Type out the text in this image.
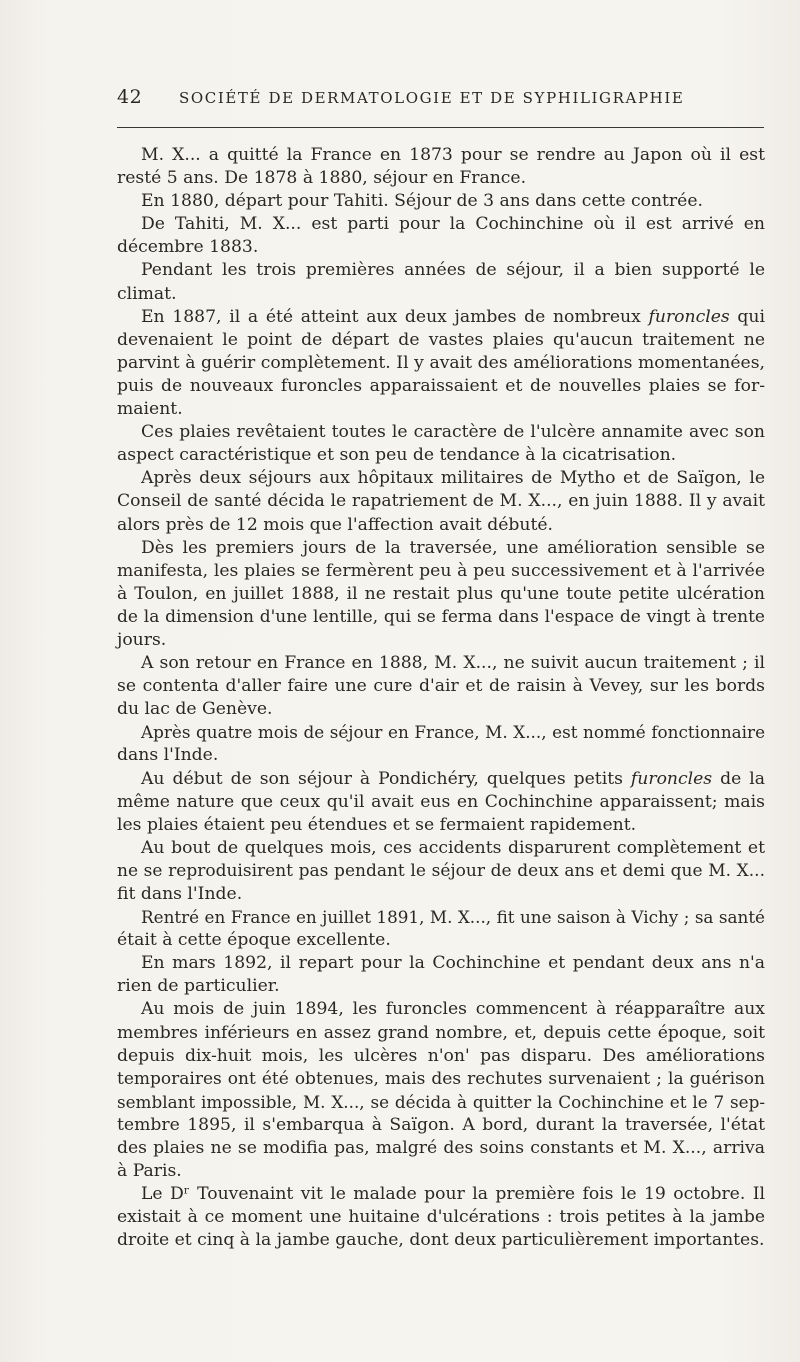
42 SOCIÉTÉ DE DERMATOLOGIE ET DE SYPHILIGRAPHIE
M. X... a quitté la France en 1873 pour se rendre au Japon où il est
resté 5 ans. De 1878 à 1880, séjour en France.
En 1880, départ pour Tahiti. Séjour de 3 ans dans cette contrée.
De Tahiti, M. X... est parti pour la Cochinchine où il est arrivé en
décembre 1883.
Pendant les trois premières années de séjour, il a bien supporté le
climat.
En 1887, il a été atteint aux deux jambes de nombreux furoncles qui
devenaient le point de départ de vastes plaies qu'aucun traitement ne
parvint à guérir complètement. Il y avait des améliorations momentanées,
puis de nouveaux furoncles apparaissaient et de nouvelles plaies se for-
maient.
Ces plaies revêtaient toutes le caractère de l'ulcère annamite avec son
aspect caractéristique et son peu de tendance à la cicatrisation.
Après deux séjours aux hôpitaux militaires de Mytho et de Saïgon, le
Conseil de santé décida le rapatriement de M. X..., en juin 1888. Il y avait
alors près de 12 mois que l'affection avait débuté.
Dès les premiers jours de la traversée, une amélioration sensible se
manifesta, les plaies se fermèrent peu à peu successivement et à l'arrivée
à Toulon, en juillet 1888, il ne restait plus qu'une toute petite ulcération
de la dimension d'une lentille, qui se ferma dans l'espace de vingt à trente
jours.
A son retour en France en 1888, M. X..., ne suivit aucun traitement ; il
se contenta d'aller faire une cure d'air et de raisin à Vevey, sur les bords
du lac de Genève.
Après quatre mois de séjour en France, M. X..., est nommé fonctionnaire
dans l'Inde.
Au début de son séjour à Pondichéry, quelques petits furoncles de la
même nature que ceux qu'il avait eus en Cochinchine apparaissent; mais
les plaies étaient peu étendues et se fermaient rapidement.
Au bout de quelques mois, ces accidents disparurent complètement et
ne se reproduisirent pas pendant le séjour de deux ans et demi que M. X...
fit dans l'Inde.
Rentré en France en juillet 1891, M. X..., fit une saison à Vichy ; sa santé
était à cette époque excellente.
En mars 1892, il repart pour la Cochinchine et pendant deux ans n'a
rien de particulier.
Au mois de juin 1894, les furoncles commencent à réapparaître aux
membres inférieurs en assez grand nombre, et, depuis cette époque, soit
depuis dix-huit mois, les ulcères n'on' pas disparu. Des améliorations
temporaires ont été obtenues, mais des rechutes survenaient ; la guérison
semblant impossible, M. X..., se décida à quitter la Cochinchine et le 7 sep-
tembre 1895, il s'embarqua à Saïgon. A bord, durant la traversée, l'état
des plaies ne se modifia pas, malgré des soins constants et M. X..., arriva
à Paris.
Le Dʳ Touvenaint vit le malade pour la première fois le 19 octobre. Il
existait à ce moment une huitaine d'ulcérations : trois petites à la jambe
droite et cinq à la jambe gauche, dont deux particulièrement importantes.
